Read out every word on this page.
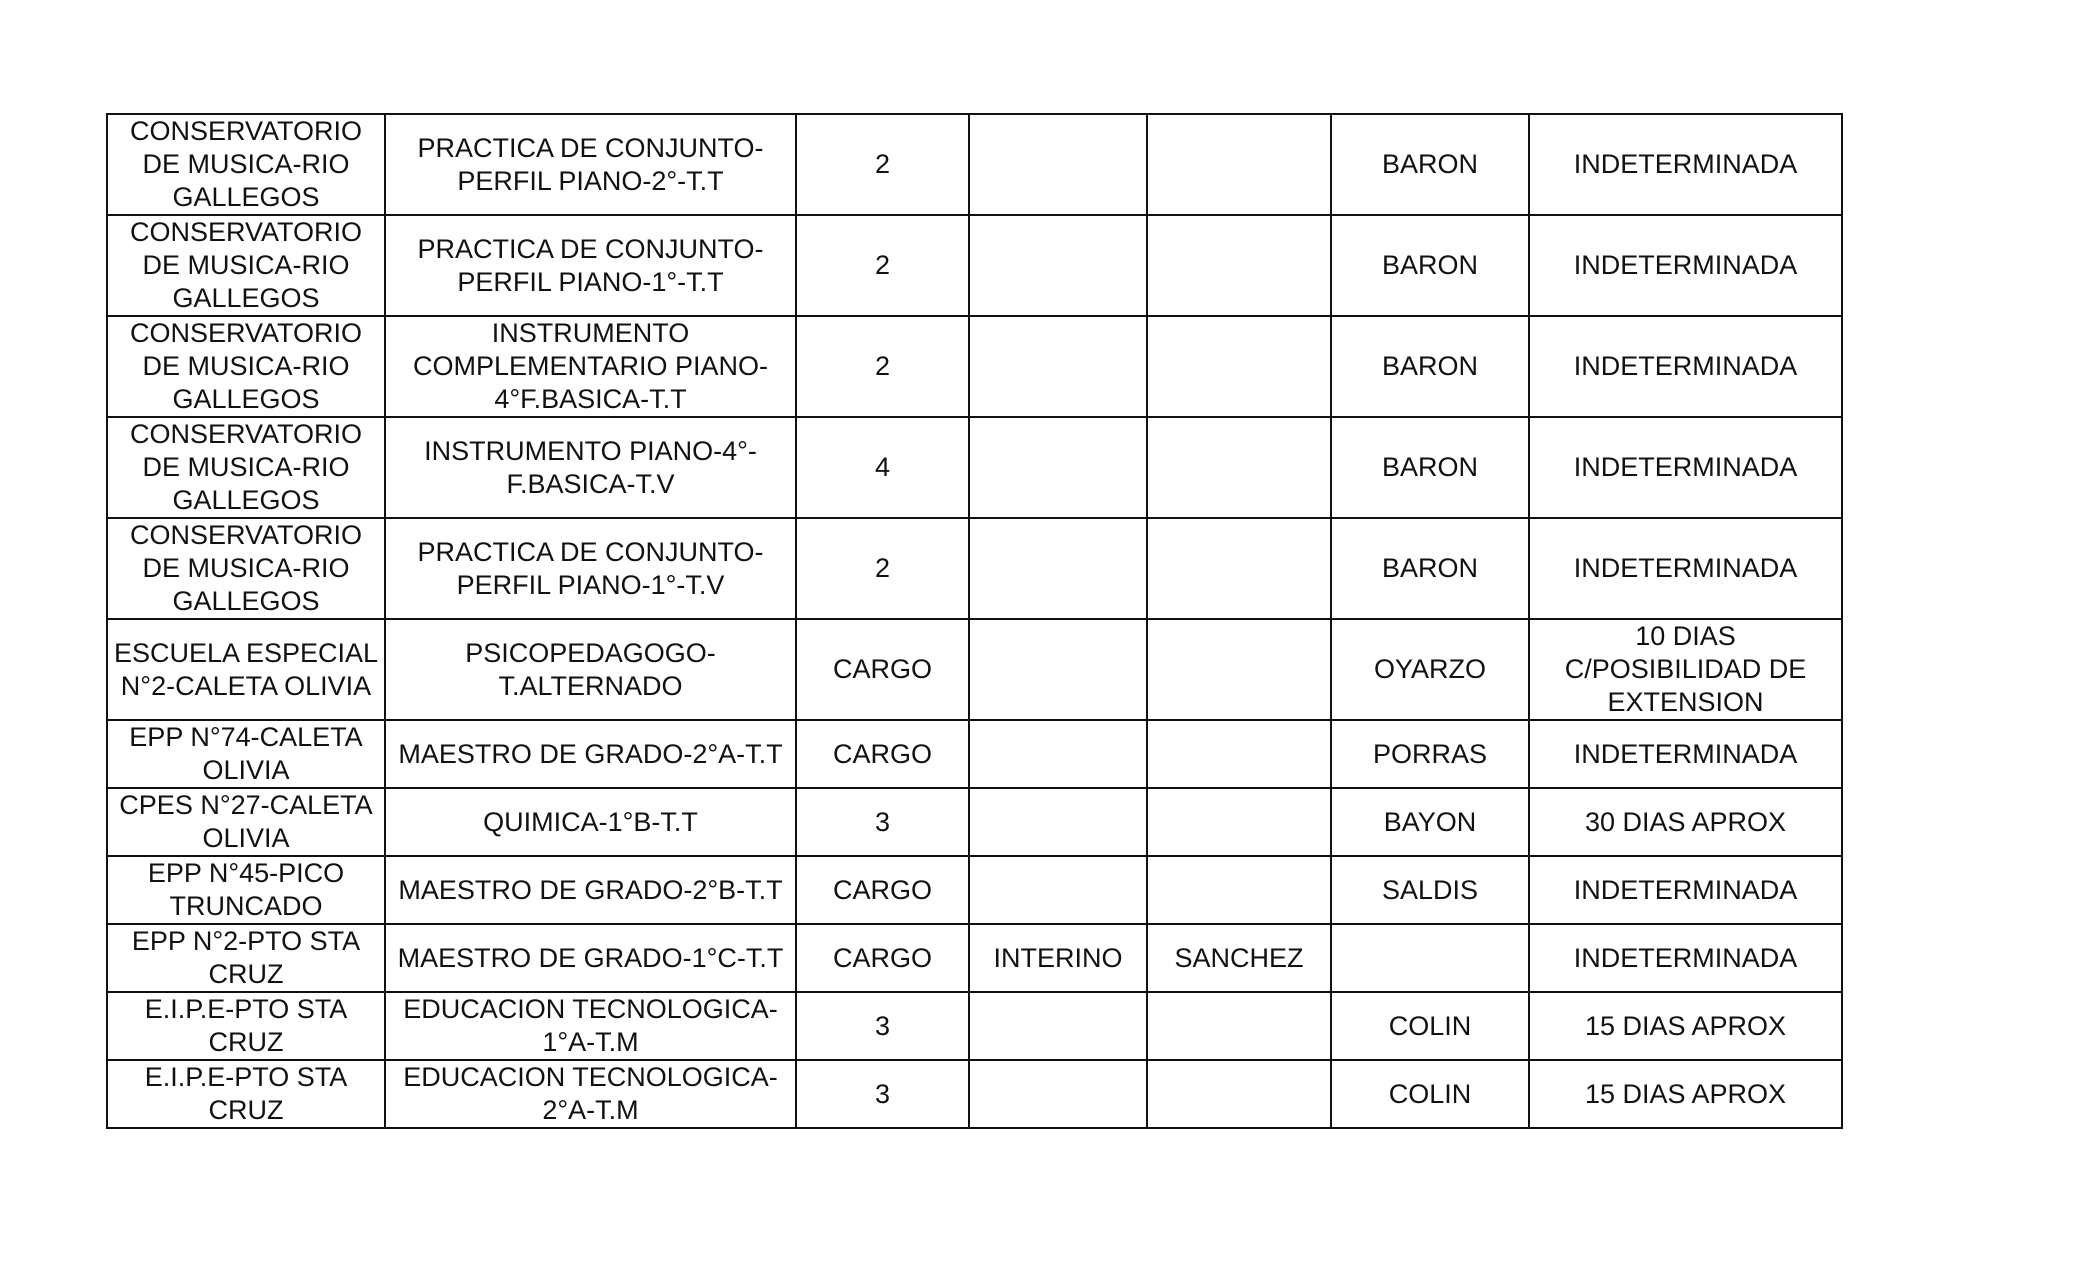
CONSERVATORIO
DE MUSICA-RIO
GALLEGOS	PRACTICA DE CONJUNTO-
PERFIL PIANO-2°-T.T	2			BARON	INDETERMINADA
CONSERVATORIO
DE MUSICA-RIO
GALLEGOS	PRACTICA DE CONJUNTO-
PERFIL PIANO-1°-T.T	2			BARON	INDETERMINADA
CONSERVATORIO
DE MUSICA-RIO
GALLEGOS	INSTRUMENTO
COMPLEMENTARIO PIANO-
4°F.BASICA-T.T	2			BARON	INDETERMINADA
CONSERVATORIO
DE MUSICA-RIO
GALLEGOS	INSTRUMENTO PIANO-4°-
F.BASICA-T.V	4			BARON	INDETERMINADA
CONSERVATORIO
DE MUSICA-RIO
GALLEGOS	PRACTICA DE CONJUNTO-
PERFIL PIANO-1°-T.V	2			BARON	INDETERMINADA
ESCUELA ESPECIAL
N°2-CALETA OLIVIA	PSICOPEDAGOGO-
T.ALTERNADO	CARGO			OYARZO	10 DIAS
C/POSIBILIDAD DE
EXTENSION
EPP N°74-CALETA
OLIVIA	MAESTRO DE GRADO-2°A-T.T	CARGO			PORRAS	INDETERMINADA
CPES N°27-CALETA
OLIVIA	QUIMICA-1°B-T.T	3			BAYON	30 DIAS APROX
EPP N°45-PICO
TRUNCADO	MAESTRO DE GRADO-2°B-T.T	CARGO			SALDIS	INDETERMINADA
EPP N°2-PTO STA
CRUZ	MAESTRO DE GRADO-1°C-T.T	CARGO	INTERINO	SANCHEZ		INDETERMINADA
E.I.P.E-PTO STA
CRUZ	EDUCACION TECNOLOGICA-
1°A-T.M	3			COLIN	15 DIAS APROX
E.I.P.E-PTO STA
CRUZ	EDUCACION TECNOLOGICA-
2°A-T.M	3			COLIN	15 DIAS APROX
